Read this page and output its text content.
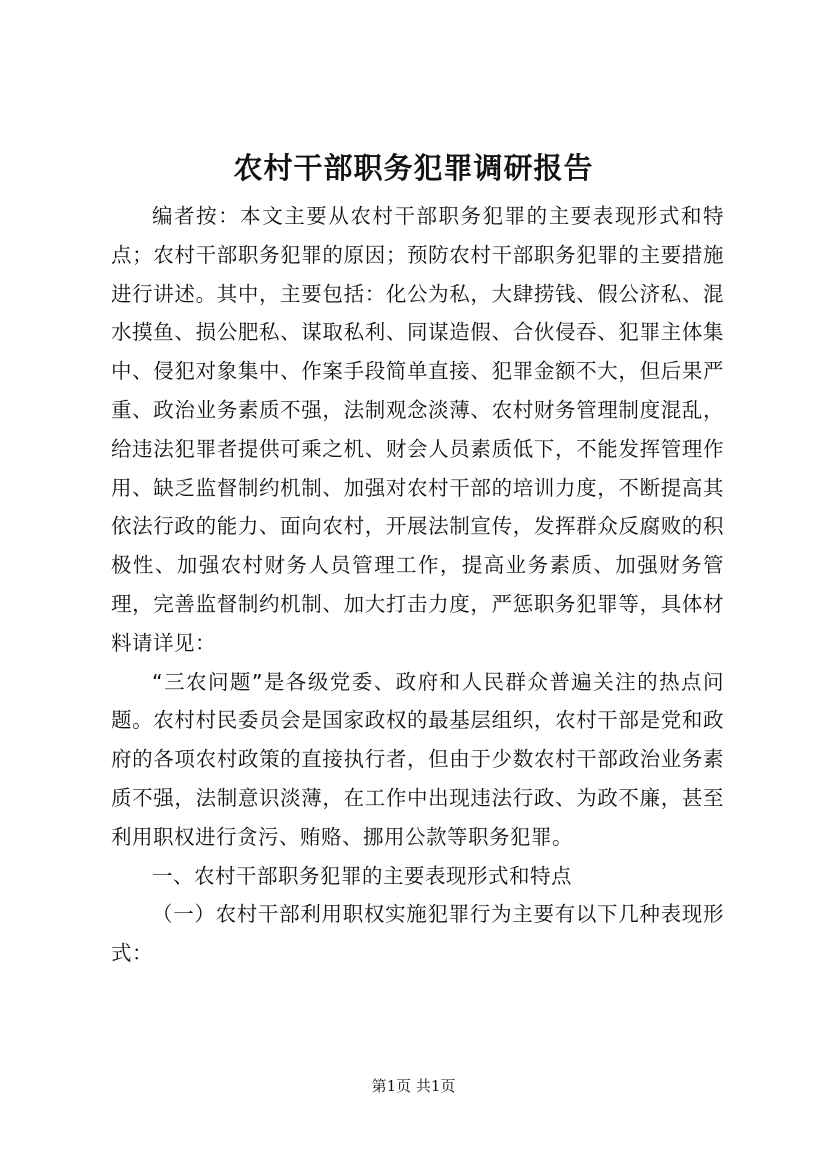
农村干部职务犯罪调研报告

编者按：本文主要从农村干部职务犯罪的主要表现形式和特点；农村干部职务犯罪的原因；预防农村干部职务犯罪的主要措施进行讲述。其中，主要包括：化公为私，大肆捞钱、假公济私、混水摸鱼、损公肥私、谋取私利、同谋造假、合伙侵吞、犯罪主体集中、侵犯对象集中、作案手段简单直接、犯罪金额不大，但后果严重、政治业务素质不强，法制观念淡薄、农村财务管理制度混乱，给违法犯罪者提供可乘之机、财会人员素质低下，不能发挥管理作用、缺乏监督制约机制、加强对农村干部的培训力度，不断提高其依法行政的能力、面向农村，开展法制宣传，发挥群众反腐败的积极性、加强农村财务人员管理工作，提高业务素质、加强财务管理，完善监督制约机制、加大打击力度，严惩职务犯罪等，具体材料请详见：

“三农问题”是各级党委、政府和人民群众普遍关注的热点问题。农村村民委员会是国家政权的最基层组织，农村干部是党和政府的各项农村政策的直接执行者，但由于少数农村干部政治业务素质不强，法制意识淡薄，在工作中出现违法行政、为政不廉，甚至利用职权进行贪污、贿赂、挪用公款等职务犯罪。

一、农村干部职务犯罪的主要表现形式和特点

（一）农村干部利用职权实施犯罪行为主要有以下几种表现形式：

第1页 共1页
